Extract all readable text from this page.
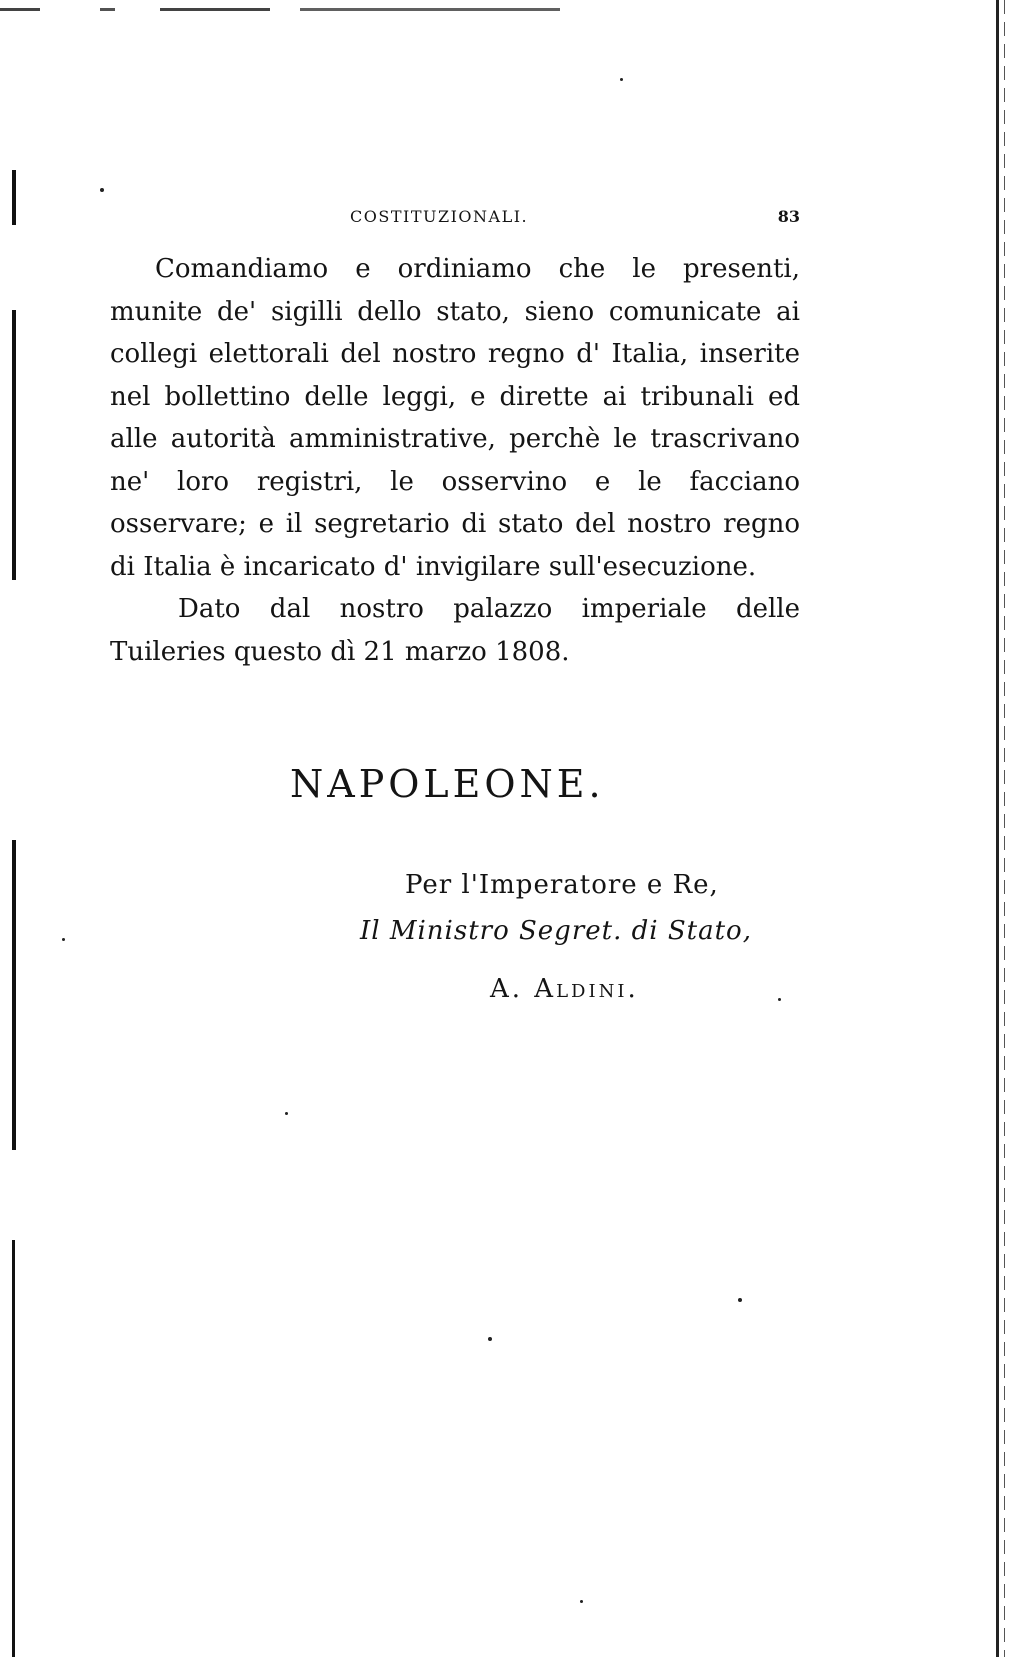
COSTITUZIONALI.	83

Comandiamo e ordiniamo che le presenti, munite de' sigilli dello stato, sieno comunicate ai collegi elettorali del nostro regno d' Italia, inserite nel bollettino delle leggi, e dirette ai tribunali ed alle autorità amministrative, perchè le trascrivano ne' loro registri, le osservino e le facciano osservare; e il segretario di stato del nostro regno di Italia è incaricato d' invigilare sull'esecuzione.

Dato dal nostro palazzo imperiale delle Tuileries questo dì 21 marzo 1808.

NAPOLEONE.
Per l'Imperatore e Re,
Il Ministro Segret. di Stato,
A. Aldini.
